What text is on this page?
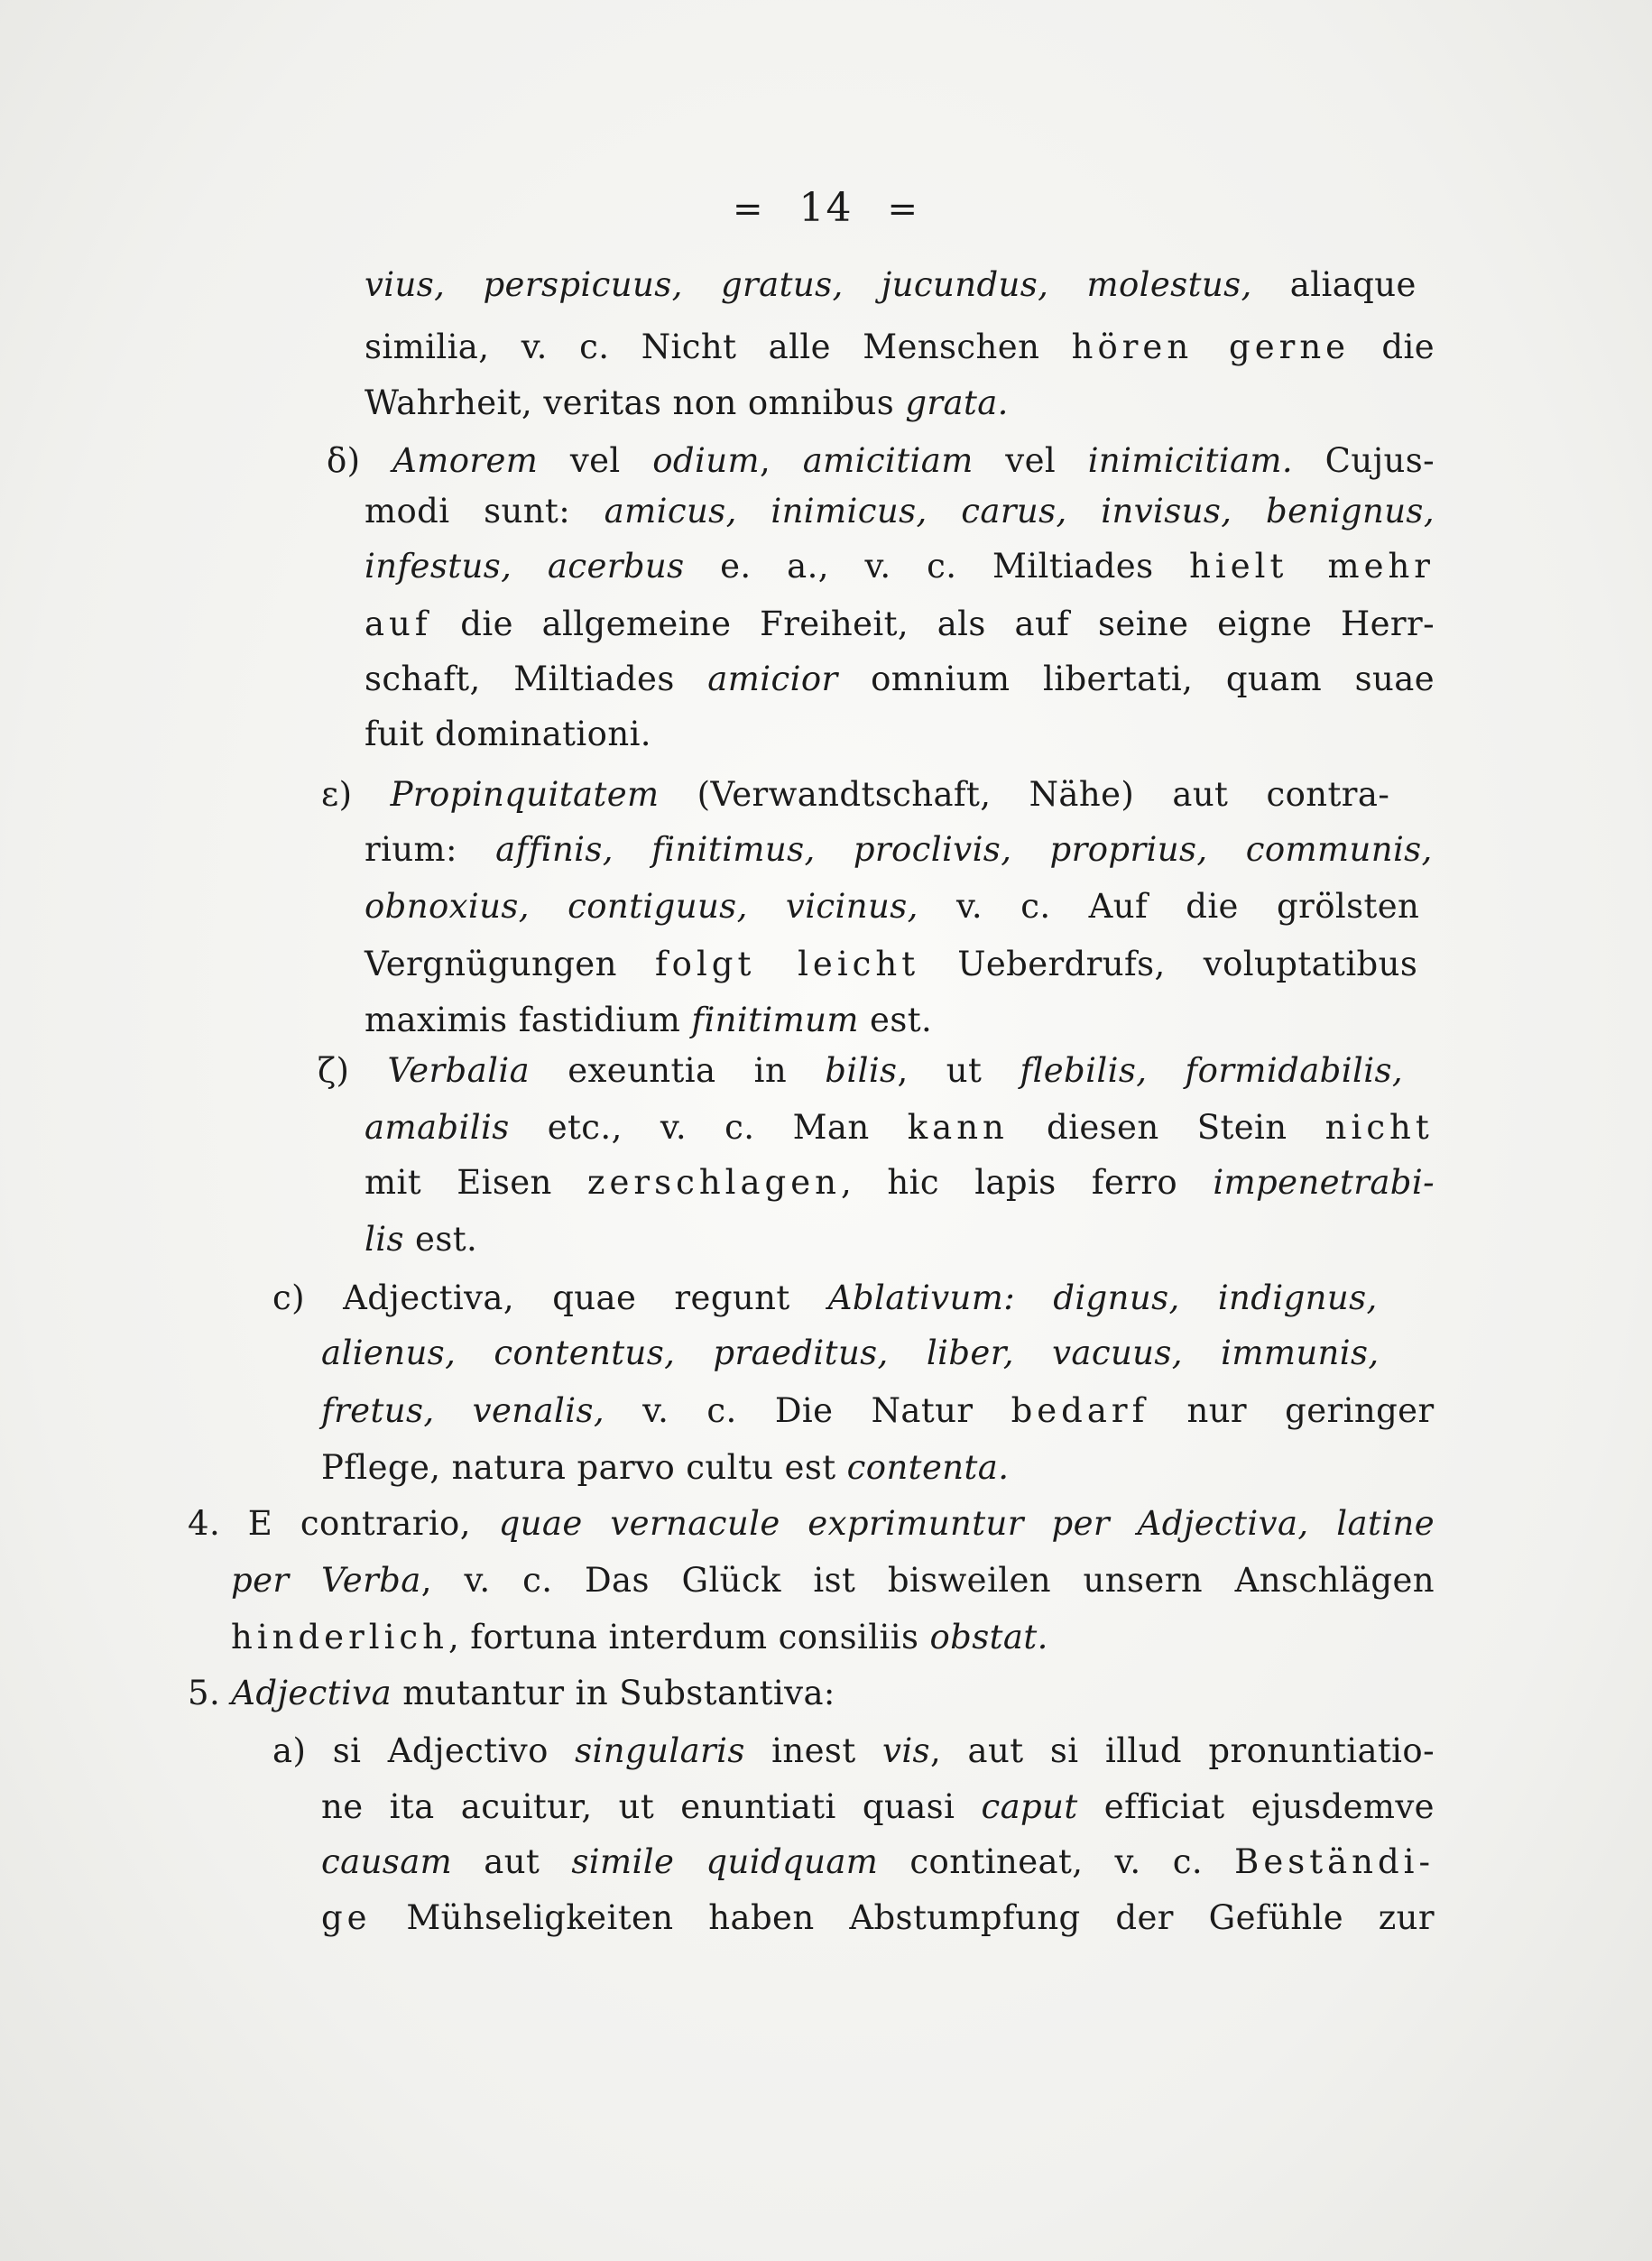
= 14 =
vius, perspicuus, gratus, jucundus, molestus, aliaque
similia, v. c. Nicht alle Menschen hören gerne die
Wahrheit, veritas non omnibus grata.
δ) Amorem vel odium, amicitiam vel inimicitiam. Cujus-
modi sunt: amicus, inimicus, carus, invisus, benignus,
infestus, acerbus e. a., v. c. Miltiades hielt mehr
auf die allgemeine Freiheit, als auf seine eigne Herr-
schaft, Miltiades amicior omnium libertati, quam suae
fuit dominationi.
ε) Propinquitatem (Verwandtschaft, Nähe) aut contra-
rium: affinis, finitimus, proclivis, proprius, communis,
obnoxius, contiguus, vicinus, v. c. Auf die grölsten
Vergnügungen folgt leicht Ueberdrufs, voluptatibus
maximis fastidium finitimum est.
ζ) Verbalia exeuntia in bilis, ut flebilis, formidabilis,
amabilis etc., v. c. Man kann diesen Stein nicht
mit Eisen zerschlagen, hic lapis ferro impenetrabi-
lis est.
c) Adjectiva, quae regunt Ablativum: dignus, indignus,
alienus, contentus, praeditus, liber, vacuus, immunis,
fretus, venalis, v. c. Die Natur bedarf nur geringer
Pflege, natura parvo cultu est contenta.
4. E contrario, quae vernacule exprimuntur per Adjectiva, latine
per Verba, v. c. Das Glück ist bisweilen unsern Anschlägen
hinderlich, fortuna interdum consiliis obstat.
5. Adjectiva mutantur in Substantiva:
a) si Adjectivo singularis inest vis, aut si illud pronuntiatio-
ne ita acuitur, ut enuntiati quasi caput efficiat ejusdemve
causam aut simile quidquam contineat, v. c. Beständi-
ge Mühseligkeiten haben Abstumpfung der Gefühle zur
